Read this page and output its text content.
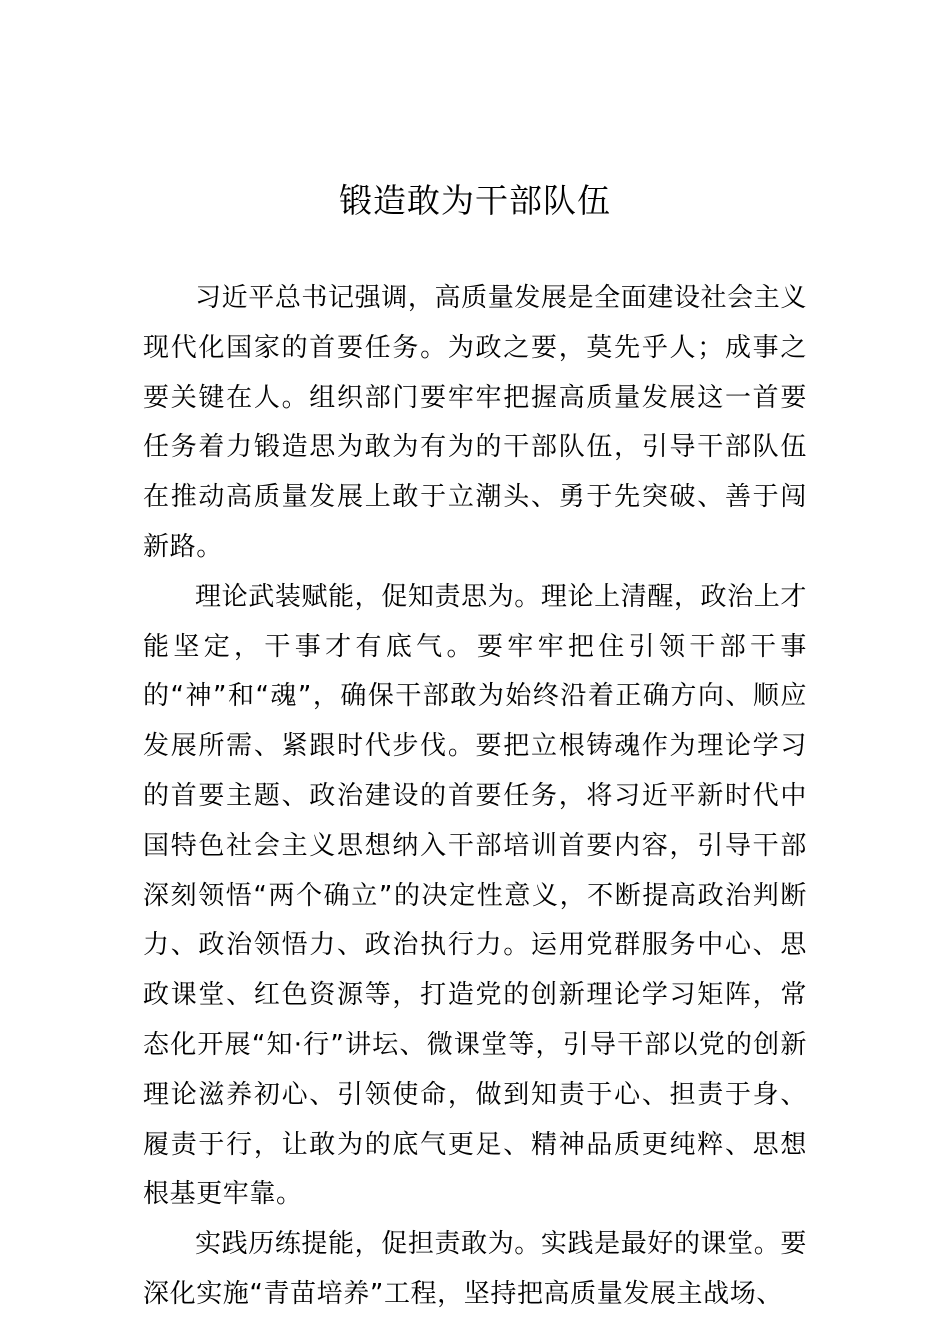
锻造敢为干部队伍

习近平总书记强调，高质量发展是全面建设社会主义现代化国家的首要任务。为政之要，莫先乎人；成事之要关键在人。组织部门要牢牢把握高质量发展这一首要任务着力锻造思为敢为有为的干部队伍，引导干部队伍在推动高质量发展上敢于立潮头、勇于先突破、善于闯新路。

理论武装赋能，促知责思为。理论上清醒，政治上才能坚定，干事才有底气。要牢牢把住引领干部干事的“神”和“魂”，确保干部敢为始终沿着正确方向、顺应发展所需、紧跟时代步伐。要把立根铸魂作为理论学习的首要主题、政治建设的首要任务，将习近平新时代中国特色社会主义思想纳入干部培训首要内容，引导干部深刻领悟“两个确立”的决定性意义，不断提高政治判断力、政治领悟力、政治执行力。运用党群服务中心、思政课堂、红色资源等，打造党的创新理论学习矩阵，常态化开展“知·行”讲坛、微课堂等，引导干部以党的创新理论滋养初心、引领使命，做到知责于心、担责于身、履责于行，让敢为的底气更足、精神品质更纯粹、思想根基更牢靠。

实践历练提能，促担责敢为。实践是最好的课堂。要深化实施“青苗培养”工程，坚持把高质量发展主战场、
